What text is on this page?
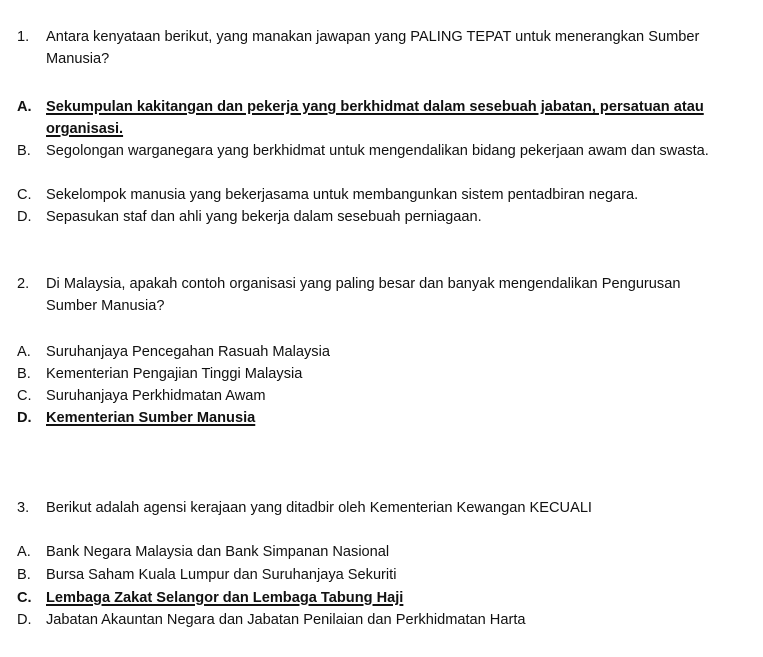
1.	Antara kenyataan berikut, yang manakan jawapan yang PALING TEPAT untuk menerangkan Sumber Manusia?
A. Sekumpulan kakitangan dan pekerja yang berkhidmat dalam sesebuah jabatan, persatuan atau organisasi.
B.	Segolongan warganegara yang berkhidmat untuk mengendalikan bidang pekerjaan awam dan swasta.
C. Sekelompok manusia yang bekerjasama untuk membangunkan sistem pentadbiran negara.
D. Sepasukan staf dan ahli yang bekerja dalam sesebuah perniagaan.
2.	Di Malaysia, apakah contoh organisasi yang paling besar dan banyak mengendalikan Pengurusan Sumber Manusia?
A.	Suruhanjaya Pencegahan Rasuah Malaysia
B.	Kementerian Pengajian Tinggi Malaysia
C. Suruhanjaya Perkhidmatan Awam
D. Kementerian Sumber Manusia
3.	Berikut adalah agensi kerajaan yang ditadbir oleh Kementerian Kewangan KECUALI
A.	Bank Negara Malaysia dan Bank Simpanan Nasional
B.	Bursa Saham Kuala Lumpur dan Suruhanjaya Sekuriti
C. Lembaga Zakat Selangor dan Lembaga Tabung Haji
D. Jabatan Akauntan Negara dan Jabatan Penilaian dan Perkhidmatan Harta
